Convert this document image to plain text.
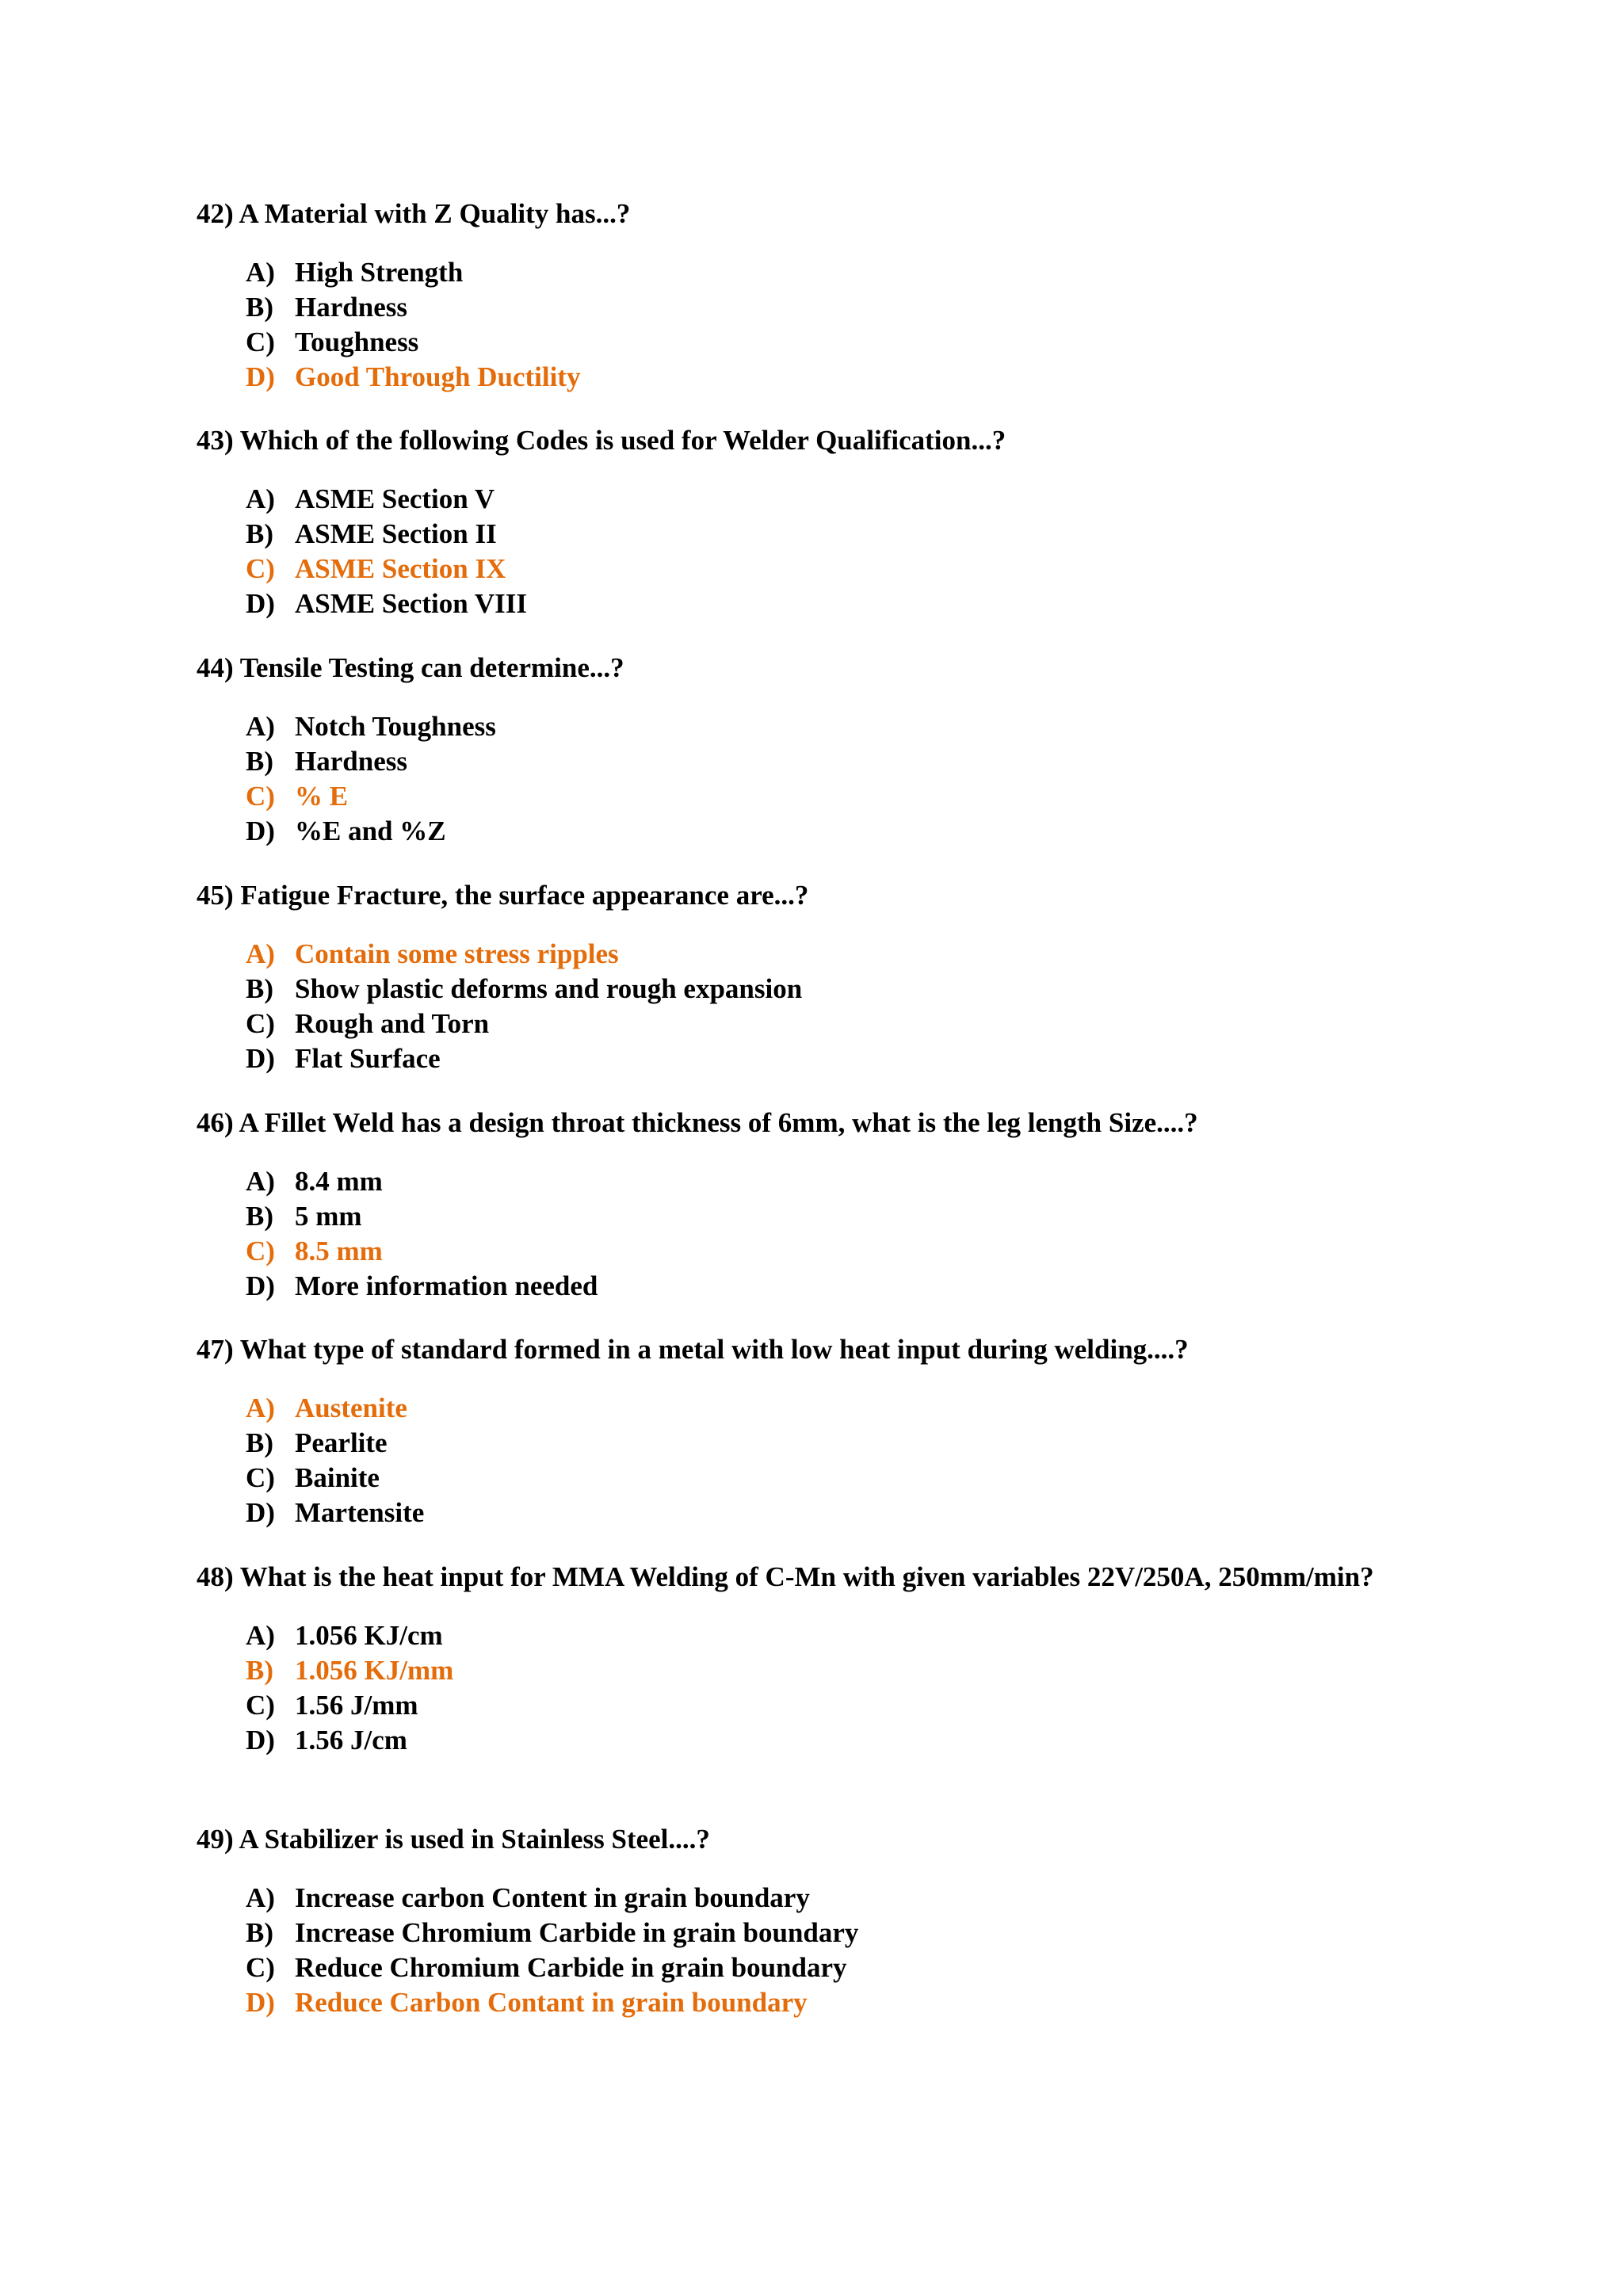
42) A Material with Z Quality has...?

A) High Strength
B) Hardness
C) Toughness
D) Good Through Ductility

43) Which of the following Codes is used for Welder Qualification...?

A) ASME Section V
B) ASME Section II
C) ASME Section IX
D) ASME Section VIII

44) Tensile Testing can determine...?

A) Notch Toughness
B) Hardness
C) % E
D) %E and %Z

45) Fatigue Fracture, the surface appearance are...?

A) Contain some stress ripples
B) Show plastic deforms and rough expansion
C) Rough and Torn
D) Flat Surface

46) A Fillet Weld has a design throat thickness of 6mm, what is the leg length Size....?

A) 8.4 mm
B) 5 mm
C) 8.5 mm
D) More information needed

47) What type of standard formed in a metal with low heat input during welding....?

A) Austenite
B) Pearlite
C) Bainite
D) Martensite

48) What is the heat input for MMA Welding of C-Mn with given variables 22V/250A, 250mm/min?

A) 1.056 KJ/cm
B) 1.056 KJ/mm
C) 1.56 J/mm
D) 1.56 J/cm

49) A Stabilizer is used in Stainless Steel....?

A) Increase carbon Content in grain boundary
B) Increase Chromium Carbide in grain boundary
C) Reduce Chromium Carbide in grain boundary
D) Reduce Carbon Contant in grain boundary
